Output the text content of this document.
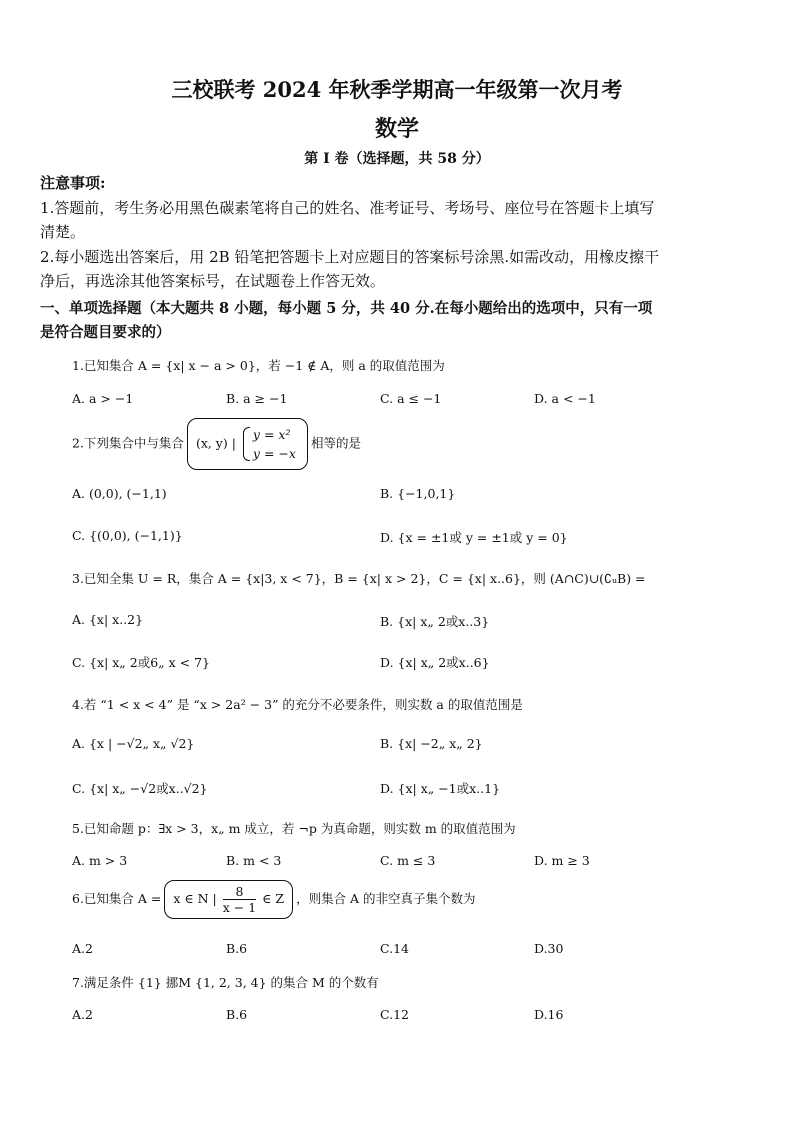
三校联考 2024 年秋季学期高一年级第一次月考
数学
第 I 卷（选择题，共 58 分）
注意事项:
1.答题前，考生务必用黑色碳素笔将自己的姓名、准考证号、考场号、座位号在答题卡上填写
清楚。
2.每小题选出答案后，用 2B 铅笔把答题卡上对应题目的答案标号涂黑.如需改动，用橡皮擦干
净后，再选涂其他答案标号，在试题卷上作答无效。
一、单项选择题（本大题共 8 小题，每小题 5 分，共 40 分.在每小题给出的选项中，只有一项
是符合题目要求的）
1.已知集合 A = {x| x − a > 0}，若 −1 ∉ A，则 a 的取值范围为
A. a > −1	B. a ≥ −1	C. a ≤ −1	D. a < −1
2.下列集合中与集合 (x, y) |
y = x²
y = −x
相等的是
A. (0,0), (−1,1)	B. {−1,0,1}
C. {(0,0), (−1,1)}	D. {x = ±1或 y = ±1或 y = 0}
3.已知全集 U = R，集合 A = {x|3, x < 7}，B = {x| x > 2}，C = {x| x..6}，则 (A∩C)∪(∁ᵤB) =
A. {x| x..2}	B. {x| x„ 2或x..3}
C. {x| x„ 2或6„ x < 7}	D. {x| x„ 2或x..6}
4.若 “1 < x < 4” 是 “x > 2a² − 3” 的充分不必要条件，则实数 a 的取值范围是
A. {x | −√2„ x„ √2}	B. {x| −2„ x„ 2}
C. {x| x„ −√2或x..√2}	D. {x| x„ −1或x..1}
5.已知命题 p：∃x > 3，x„ m 成立，若 ¬p 为真命题，则实数 m 的取值范围为
A. m > 3	B. m < 3	C. m ≤ 3	D. m ≥ 3
6.已知集合 A = x ∈ N | $\frac{8}{x - 1}$ ∈ Z ，则集合 A 的非空真子集个数为
A.2	B.6	C.14	D.30
7.满足条件 {1} 挪M {1, 2, 3, 4} 的集合 M 的个数有
A.2	B.6	C.12	D.16
